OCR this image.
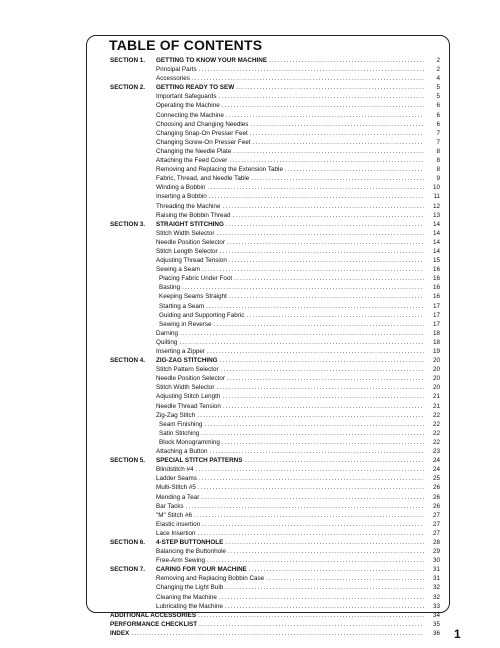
TABLE OF CONTENTS
SECTION 1.	GETTING TO KNOW YOUR MACHINE .....	2
Principal Parts .....	2
Accessories .....	4
SECTION 2.	GETTING READY TO SEW .....	5
Important Safeguards .....	5
Operating the Machine .....	6
Connecting the Machine .....	6
Choosing and Changing Needles .....	6
Changing Snap-On Presser Feet .....	7
Changing Screw-On Presser Feet .....	7
Changing the Needle Plate .....	8
Attaching the Feed Cover .....	8
Removing and Replacing the Extension Table .....	8
Fabric, Thread, and Needle Table .....	9
Winding a Bobbin .....	10
Inserting a Bobbin .....	11
Threading the Machine .....	12
Raising the Bobbin Thread .....	13
SECTION 3.	STRAIGHT STITCHING .....	14
Stitch Width Selector .....	14
Needle Position Selector .....	14
Stitch Length Selector .....	14
Adjusting Thread Tension .....	15
Sewing a Seam .....	16
Placing Fabric Under Foot .....	16
Basting .....	16
Keeping Seams Straight .....	16
Starting a Seam .....	17
Guiding and Supporting Fabric .....	17
Sewing in Reverse .....	17
Darning .....	18
Quilting .....	18
Inserting a Zipper .....	19
SECTION 4.	ZIG-ZAG STITCHING .....	20
Stitch Pattern Selector .....	20
Needle Position Selector .....	20
Stitch Width Selector .....	20
Adjusting Stitch Length .....	21
Needle Thread Tension .....	21
Zig-Zag Stitch .....	22
Seam Finishing .....	22
Satin Stitching .....	22
Block Monogramming .....	22
Attaching a Button .....	23
SECTION 5.	SPECIAL STITCH PATTERNS .....	24
Blindstitch #4 .....	24
Ladder Seams .....	25
Multi-Stitch #5 .....	26
Mending a Tear .....	26
Bar Tacks .....	26
"M" Stitch #6 .....	27
Elastic insertion .....	27
Lace Insertion .....	27
SECTION 6.	4-STEP BUTTONHOLE .....	28
Balancing the Buttonhole .....	29
Free-Arm Sewing .....	30
SECTION 7.	CARING FOR YOUR MACHINE .....	31
Removing and Replacing Bobbin Case .....	31
Changing the Light Bulb .....	32
Cleaning the Machine .....	32
Lubricating the Machine .....	33
ADDITIONAL ACCESSORIES .....	34
PERFORMANCE CHECKLIST .....	35
INDEX .....	36 1
